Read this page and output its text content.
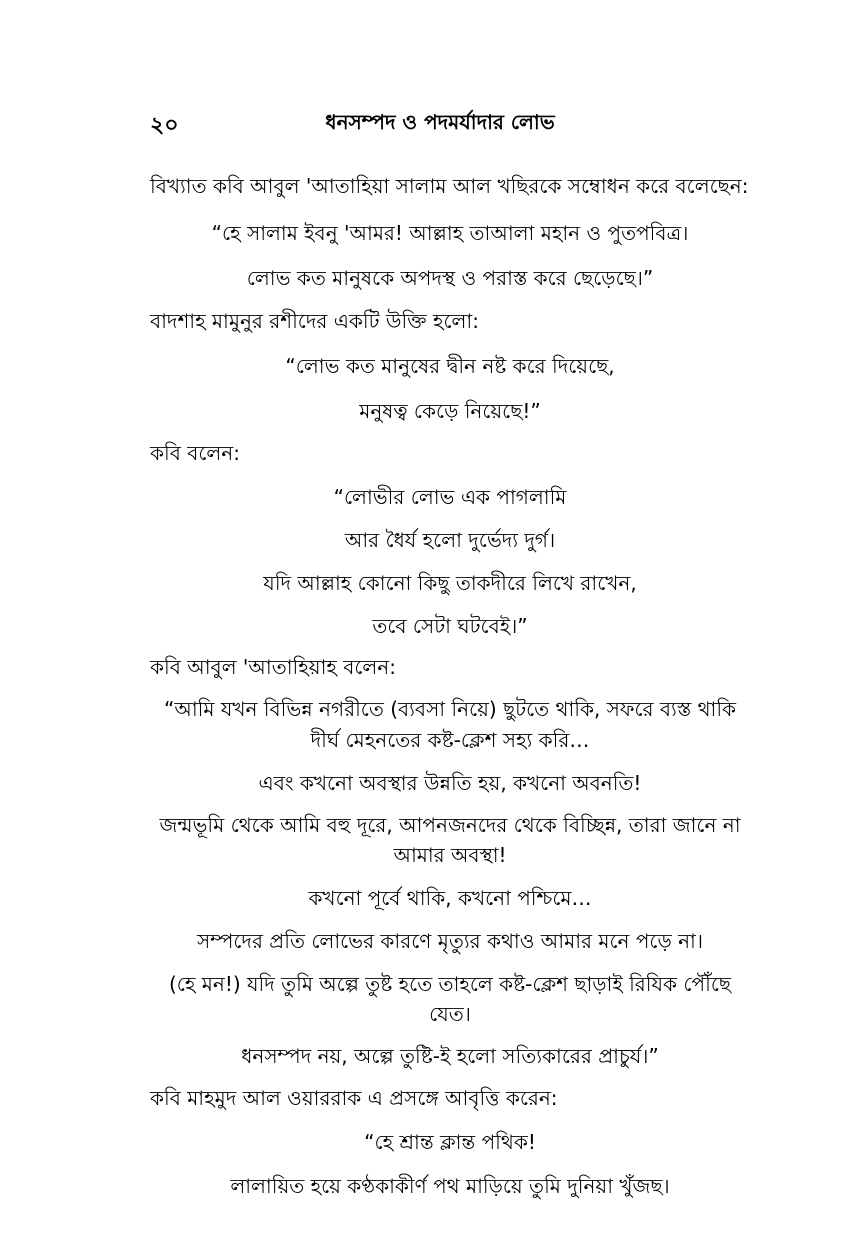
২০	ধনসম্পদ ও পদমর্যাদার লোভ
বিখ্যাত কবি আবুল 'আতাহিয়া সালাম আল খছিরকে সম্বোধন করে বলেছেন:
“হে সালাম ইবনু 'আমর! আল্লাহ তাআলা মহান ও পুতপবিত্র।
লোভ কত মানুষকে অপদস্থ ও পরাস্ত করে ছেড়েছে।”
বাদশাহ মামুনুর রশীদের একটি উক্তি হলো:
“লোভ কত মানুষের দ্বীন নষ্ট করে দিয়েছে,
মনুষত্ব কেড়ে নিয়েছে!”
কবি বলেন:
“লোভীর লোভ এক পাগলামি
আর ধৈর্য হলো দুর্ভেদ্য দুর্গ।
যদি আল্লাহ কোনো কিছু তাকদীরে লিখে রাখেন,
তবে সেটা ঘটবেই।”
কবি আবুল 'আতাহিয়াহ বলেন:
“আমি যখন বিভিন্ন নগরীতে (ব্যবসা নিয়ে) ছুটতে থাকি, সফরে ব্যস্ত থাকি
দীর্ঘ মেহনতের কষ্ট-ক্লেশ সহ্য করি…
এবং কখনো অবস্থার উন্নতি হয়, কখনো অবনতি!
জন্মভূমি থেকে আমি বহু দূরে, আপনজনদের থেকে বিচ্ছিন্ন, তারা জানে না
আমার অবস্থা!
কখনো পূর্বে থাকি, কখনো পশ্চিমে…
সম্পদের প্রতি লোভের কারণে মৃত্যুর কথাও আমার মনে পড়ে না।
(হে মন!) যদি তুমি অল্পে তুষ্ট হতে তাহলে কষ্ট-ক্লেশ ছাড়াই রিযিক পৌঁছে
যেত।
ধনসম্পদ নয়, অল্পে তুষ্টি-ই হলো সত্যিকারের প্রাচুর্য।”
কবি মাহমুদ আল ওয়াররাক এ প্রসঙ্গে আবৃত্তি করেন:
“হে শ্রান্ত ক্লান্ত পথিক!
লালায়িত হয়ে কণ্ঠকাকীর্ণ পথ মাড়িয়ে তুমি দুনিয়া খুঁজছ।
